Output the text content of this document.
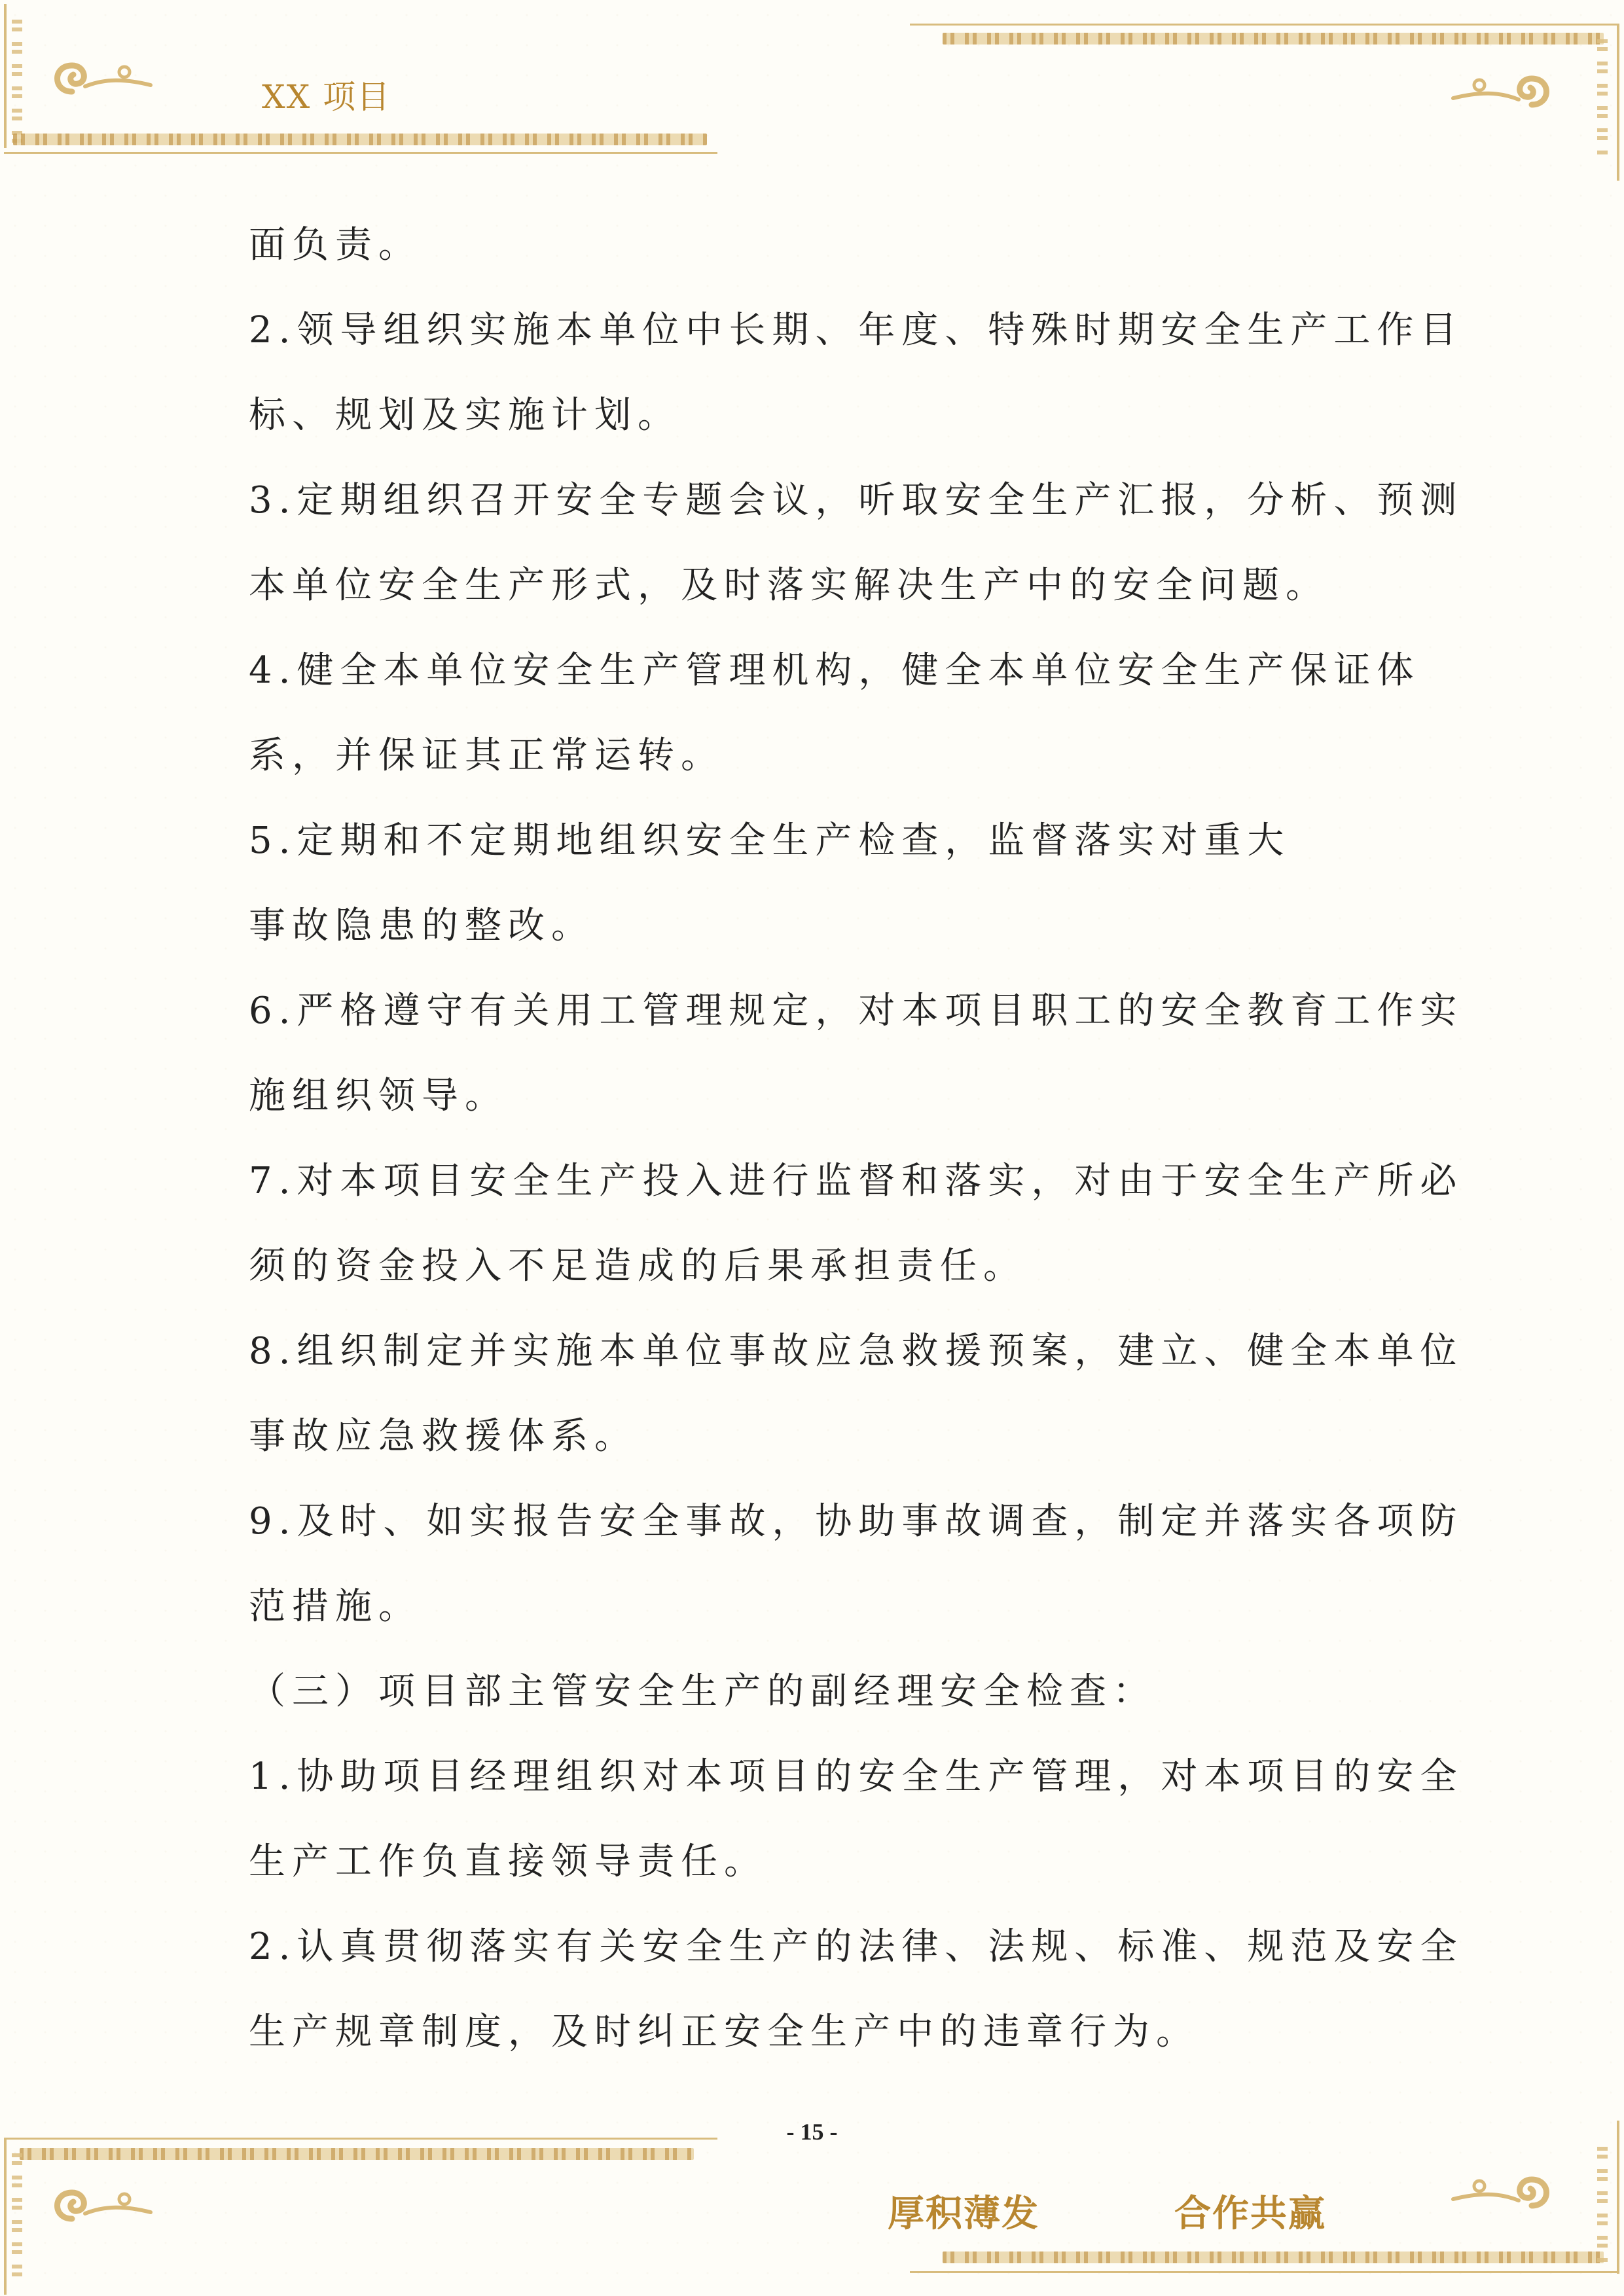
XX 项目

面负责。

2.领导组织实施本单位中长期、年度、特殊时期安全生产工作目

标、规划及实施计划。

3.定期组织召开安全专题会议，听取安全生产汇报，分析、预测

本单位安全生产形式，及时落实解决生产中的安全问题。

4.健全本单位安全生产管理机构，健全本单位安全生产保证体

系，并保证其正常运转。

5.定期和不定期地组织安全生产检查，监督落实对重大

事故隐患的整改。

6.严格遵守有关用工管理规定，对本项目职工的安全教育工作实

施组织领导。

7.对本项目安全生产投入进行监督和落实，对由于安全生产所必

须的资金投入不足造成的后果承担责任。

8.组织制定并实施本单位事故应急救援预案，建立、健全本单位

事故应急救援体系。

9.及时、如实报告安全事故，协助事故调查，制定并落实各项防

范措施。

（三）项目部主管安全生产的副经理安全检查：

1.协助项目经理组织对本项目的安全生产管理，对本项目的安全

生产工作负直接领导责任。

2.认真贯彻落实有关安全生产的法律、法规、标准、规范及安全

生产规章制度，及时纠正安全生产中的违章行为。

- 15 -
厚积薄发    合作共赢
